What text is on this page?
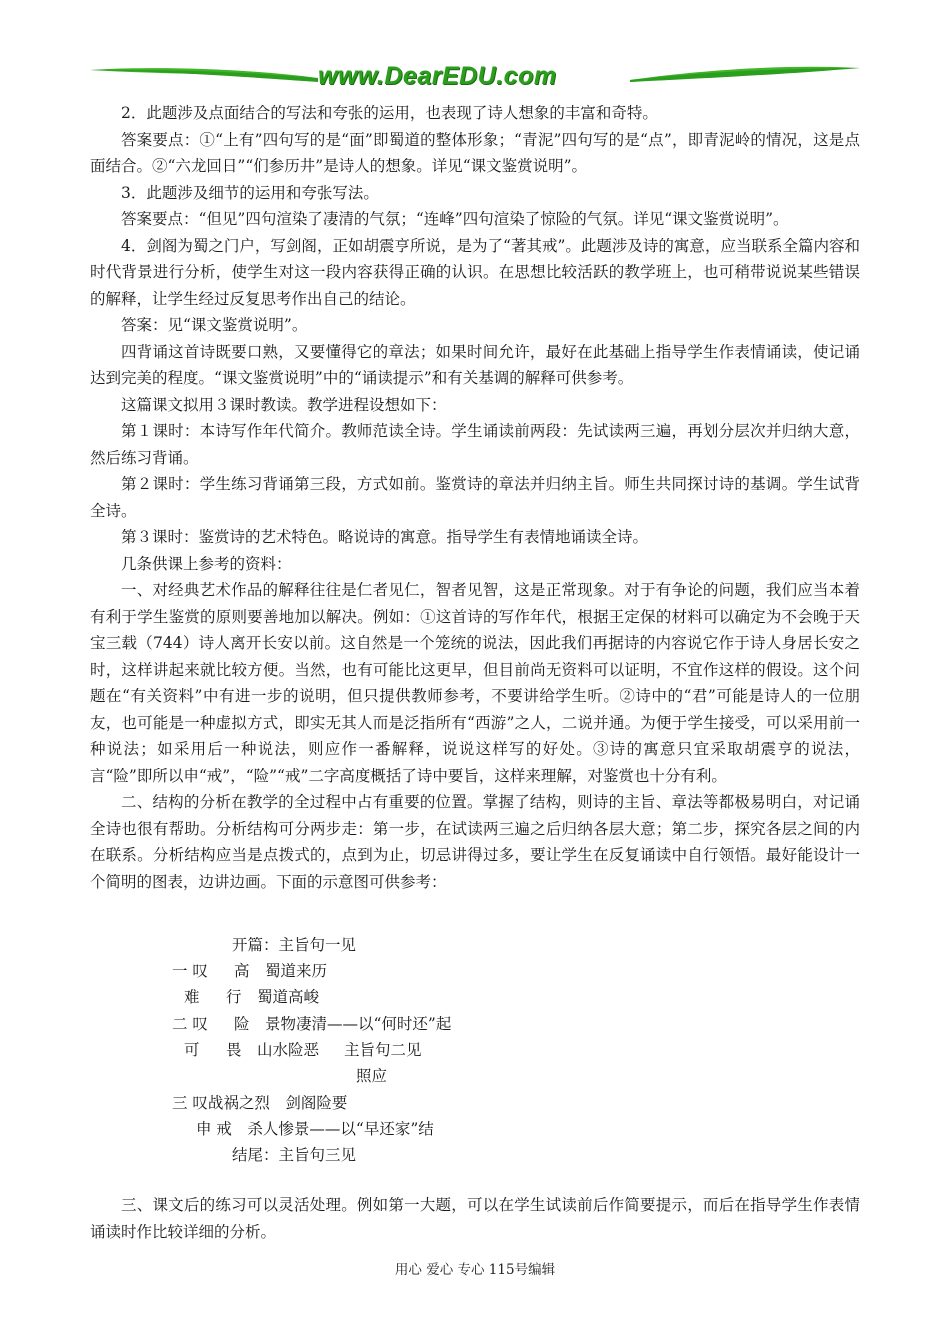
www.DearEDU.com

2．此题涉及点面结合的写法和夸张的运用，也表现了诗人想象的丰富和奇特。

答案要点：①“上有”四句写的是“面”即蜀道的整体形象；“青泥”四句写的是“点”，即青泥岭的情况，这是点面结合。②“六龙回日”“们参历井”是诗人的想象。详见“课文鉴赏说明”。

3．此题涉及细节的运用和夸张写法。

答案要点：“但见”四句渲染了凄清的气氛；“连峰”四句渲染了惊险的气氛。详见“课文鉴赏说明”。

4．剑阁为蜀之门户，写剑阁，正如胡震亨所说，是为了“著其戒”。此题涉及诗的寓意，应当联系全篇内容和时代背景进行分析，使学生对这一段内容获得正确的认识。在思想比较活跃的教学班上，也可稍带说说某些错误的解释，让学生经过反复思考作出自己的结论。

答案：见“课文鉴赏说明”。

四背诵这首诗既要口熟，又要懂得它的章法；如果时间允许，最好在此基础上指导学生作表情诵读，使记诵达到完美的程度。“课文鉴赏说明”中的“诵读提示”和有关基调的解释可供参考。

这篇课文拟用３课时教读。教学进程设想如下：

第１课时：本诗写作年代简介。教师范读全诗。学生诵读前两段：先试读两三遍，再划分层次并归纳大意，然后练习背诵。

第２课时：学生练习背诵第三段，方式如前。鉴赏诗的章法并归纳主旨。师生共同探讨诗的基调。学生试背全诗。

第３课时：鉴赏诗的艺术特色。略说诗的寓意。指导学生有表情地诵读全诗。

几条供课上参考的资料：

一、对经典艺术作品的解释往往是仁者见仁，智者见智，这是正常现象。对于有争论的问题，我们应当本着有利于学生鉴赏的原则要善地加以解决。例如：①这首诗的写作年代，根据王定保的材料可以确定为不会晚于天宝三载（744）诗人离开长安以前。这自然是一个笼统的说法，因此我们再据诗的内容说它作于诗人身居长安之时，这样讲起来就比较方便。当然，也有可能比这更早，但目前尚无资料可以证明，不宜作这样的假设。这个问题在“有关资料”中有进一步的说明，但只提供教师参考，不要讲给学生听。②诗中的“君”可能是诗人的一位朋友，也可能是一种虚拟方式，即实无其人而是泛指所有“西游”之人，二说并通。为便于学生接受，可以采用前一种说法；如采用后一种说法，则应作一番解释，说说这样写的好处。③诗的寓意只宜采取胡震亨的说法，言“险”即所以申“戒”，“险”“戒”二字高度概括了诗中要旨，这样来理解，对鉴赏也十分有利。

二、结构的分析在教学的全过程中占有重要的位置。掌握了结构，则诗的主旨、章法等都极易明白，对记诵全诗也很有帮助。分析结构可分两步走：第一步，在试读两三遍之后归纳各层大意；第二步，探究各层之间的内在联系。分析结构应当是点拨式的，点到为止，切忌讲得过多，要让学生在反复诵读中自行领悟。最好能设计一个简明的图表，边讲边画。下面的示意图可供参考：

开篇：主旨句一见
一 叹 高　蜀道来历
难 行　蜀道高峻
二 叹 险　景物凄清——以“何时还”起
可 畏　山水险恶 主旨句二见
照应
三 叹战祸之烈　剑阁险要
申 戒　杀人惨景——以“早还家”结
结尾：主旨句三见

三、课文后的练习可以灵活处理。例如第一大题，可以在学生试读前后作简要提示，而后在指导学生作表情诵读时作比较详细的分析。

用心 爱心 专心 115号编辑
